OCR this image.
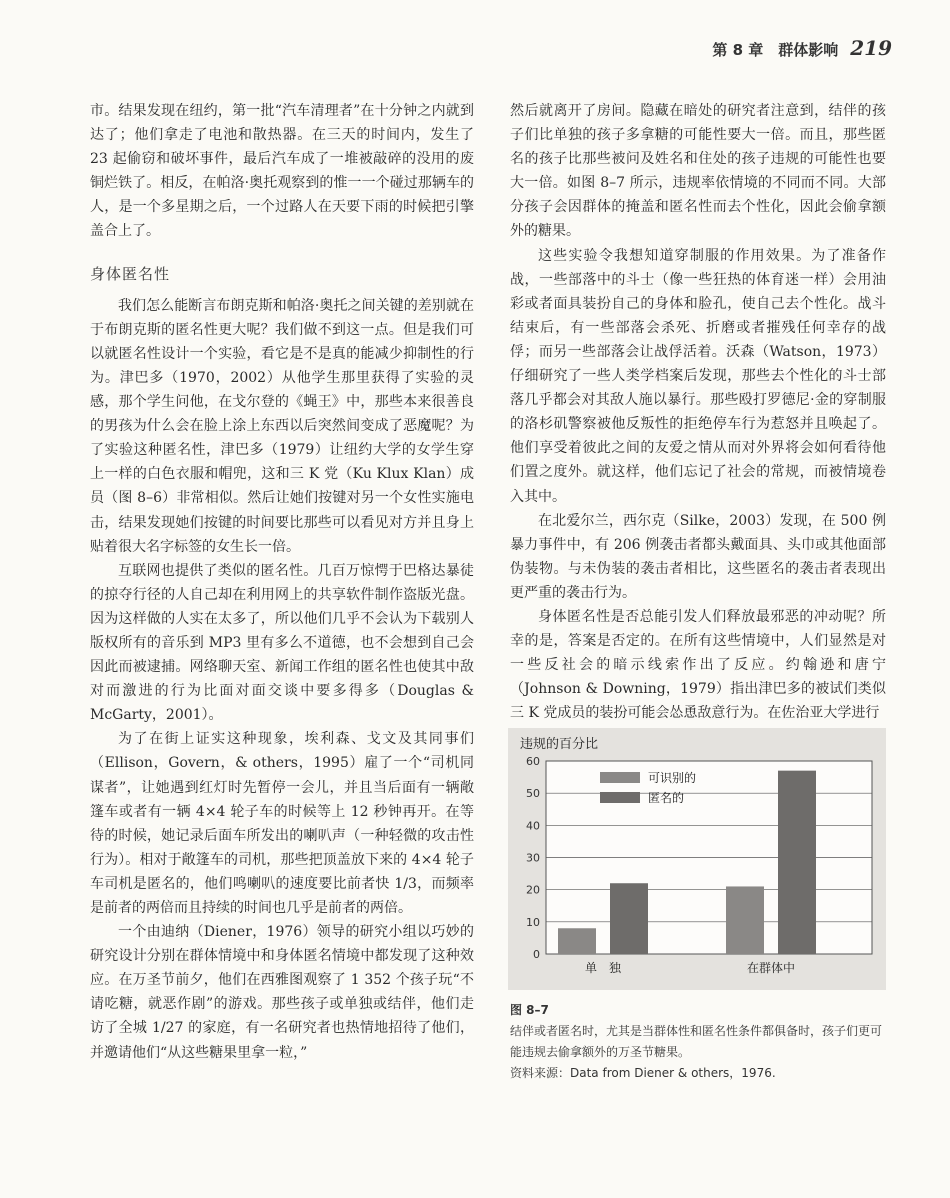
第 8 章　群体影响 219

市。结果发现在纽约，第一批“汽车清理者”在十分钟之内就到达了；他们拿走了电池和散热器。在三天的时间内，发生了 23 起偷窃和破坏事件，最后汽车成了一堆被敲碎的没用的废铜烂铁了。相反，在帕洛·奥托观察到的惟一一个碰过那辆车的人，是一个多星期之后，一个过路人在天要下雨的时候把引擎盖合上了。

身体匿名性

我们怎么能断言布朗克斯和帕洛·奥托之间关键的差别就在于布朗克斯的匿名性更大呢？我们做不到这一点。但是我们可以就匿名性设计一个实验，看它是不是真的能减少抑制性的行为。津巴多（1970，2002）从他学生那里获得了实验的灵感，那个学生问他，在戈尔登的《蝇王》中，那些本来很善良的男孩为什么会在脸上涂上东西以后突然间变成了恶魔呢？为了实验这种匿名性，津巴多（1979）让纽约大学的女学生穿上一样的白色衣服和帽兜，这和三 K 党（Ku Klux Klan）成员（图 8–6）非常相似。然后让她们按键对另一个女性实施电击，结果发现她们按键的时间要比那些可以看见对方并且身上贴着很大名字标签的女生长一倍。

互联网也提供了类似的匿名性。几百万惊愕于巴格达暴徒的掠夺行径的人自己却在利用网上的共享软件制作盗版光盘。因为这样做的人实在太多了，所以他们几乎不会认为下载别人版权所有的音乐到 MP3 里有多么不道德，也不会想到自己会因此而被逮捕。网络聊天室、新闻工作组的匿名性也使其中敌对而激进的行为比面对面交谈中要多得多（Douglas & McGarty，2001）。

为了在街上证实这种现象，埃利森、戈文及其同事们（Ellison，Govern，& others，1995）雇了一个“司机同谋者”，让她遇到红灯时先暂停一会儿，并且当后面有一辆敞篷车或者有一辆 4×4 轮子车的时候等上 12 秒钟再开。在等待的时候，她记录后面车所发出的喇叭声（一种轻微的攻击性行为）。相对于敞篷车的司机，那些把顶盖放下来的 4×4 轮子车司机是匿名的，他们鸣喇叭的速度要比前者快 1/3，而频率是前者的两倍而且持续的时间也几乎是前者的两倍。

一个由迪纳（Diener，1976）领导的研究小组以巧妙的研究设计分别在群体情境中和身体匿名情境中都发现了这种效应。在万圣节前夕，他们在西雅图观察了 1 352 个孩子玩“不请吃糖，就恶作剧”的游戏。那些孩子或单独或结伴，他们走访了全城 1/27 的家庭，有一名研究者也热情地招待了他们，并邀请他们“从这些糖果里拿一粒，”

然后就离开了房间。隐藏在暗处的研究者注意到，结伴的孩子们比单独的孩子多拿糖的可能性要大一倍。而且，那些匿名的孩子比那些被问及姓名和住处的孩子违规的可能性也要大一倍。如图 8–7 所示，违规率依情境的不同而不同。大部分孩子会因群体的掩盖和匿名性而去个性化，因此会偷拿额外的糖果。

这些实验令我想知道穿制服的作用效果。为了准备作战，一些部落中的斗士（像一些狂热的体育迷一样）会用油彩或者面具装扮自己的身体和脸孔，使自己去个性化。战斗结束后，有一些部落会杀死、折磨或者摧残任何幸存的战俘；而另一些部落会让战俘活着。沃森（Watson，1973）仔细研究了一些人类学档案后发现，那些去个性化的斗士部落几乎都会对其敌人施以暴行。那些殴打罗德尼·金的穿制服的洛杉矶警察被他反叛性的拒绝停车行为惹怒并且唤起了。他们享受着彼此之间的友爱之情从而对外界将会如何看待他们置之度外。就这样，他们忘记了社会的常规，而被情境卷入其中。

在北爱尔兰，西尔克（Silke，2003）发现，在 500 例暴力事件中，有 206 例袭击者都头戴面具、头巾或其他面部伪装物。与未伪装的袭击者相比，这些匿名的袭击者表现出更严重的袭击行为。

身体匿名性是否总能引发人们释放最邪恶的冲动呢？所幸的是，答案是否定的。在所有这些情境中，人们显然是对一些反社会的暗示线索作出了反应。约翰逊和唐宁（Johnson & Downing，1979）指出津巴多的被试们类似三 K 党成员的装扮可能会怂恿敌意行为。在佐治亚大学进行

违规的百分比
0
10
20
30
40
50
60
单　独	在群体中
可识别的
匿名的
图 8–7
结伴或者匿名时，尤其是当群体性和匿名性条件都俱备时，孩子们更可能违规去偷拿额外的万圣节糖果。
资料来源：Data from Diener & others，1976.
